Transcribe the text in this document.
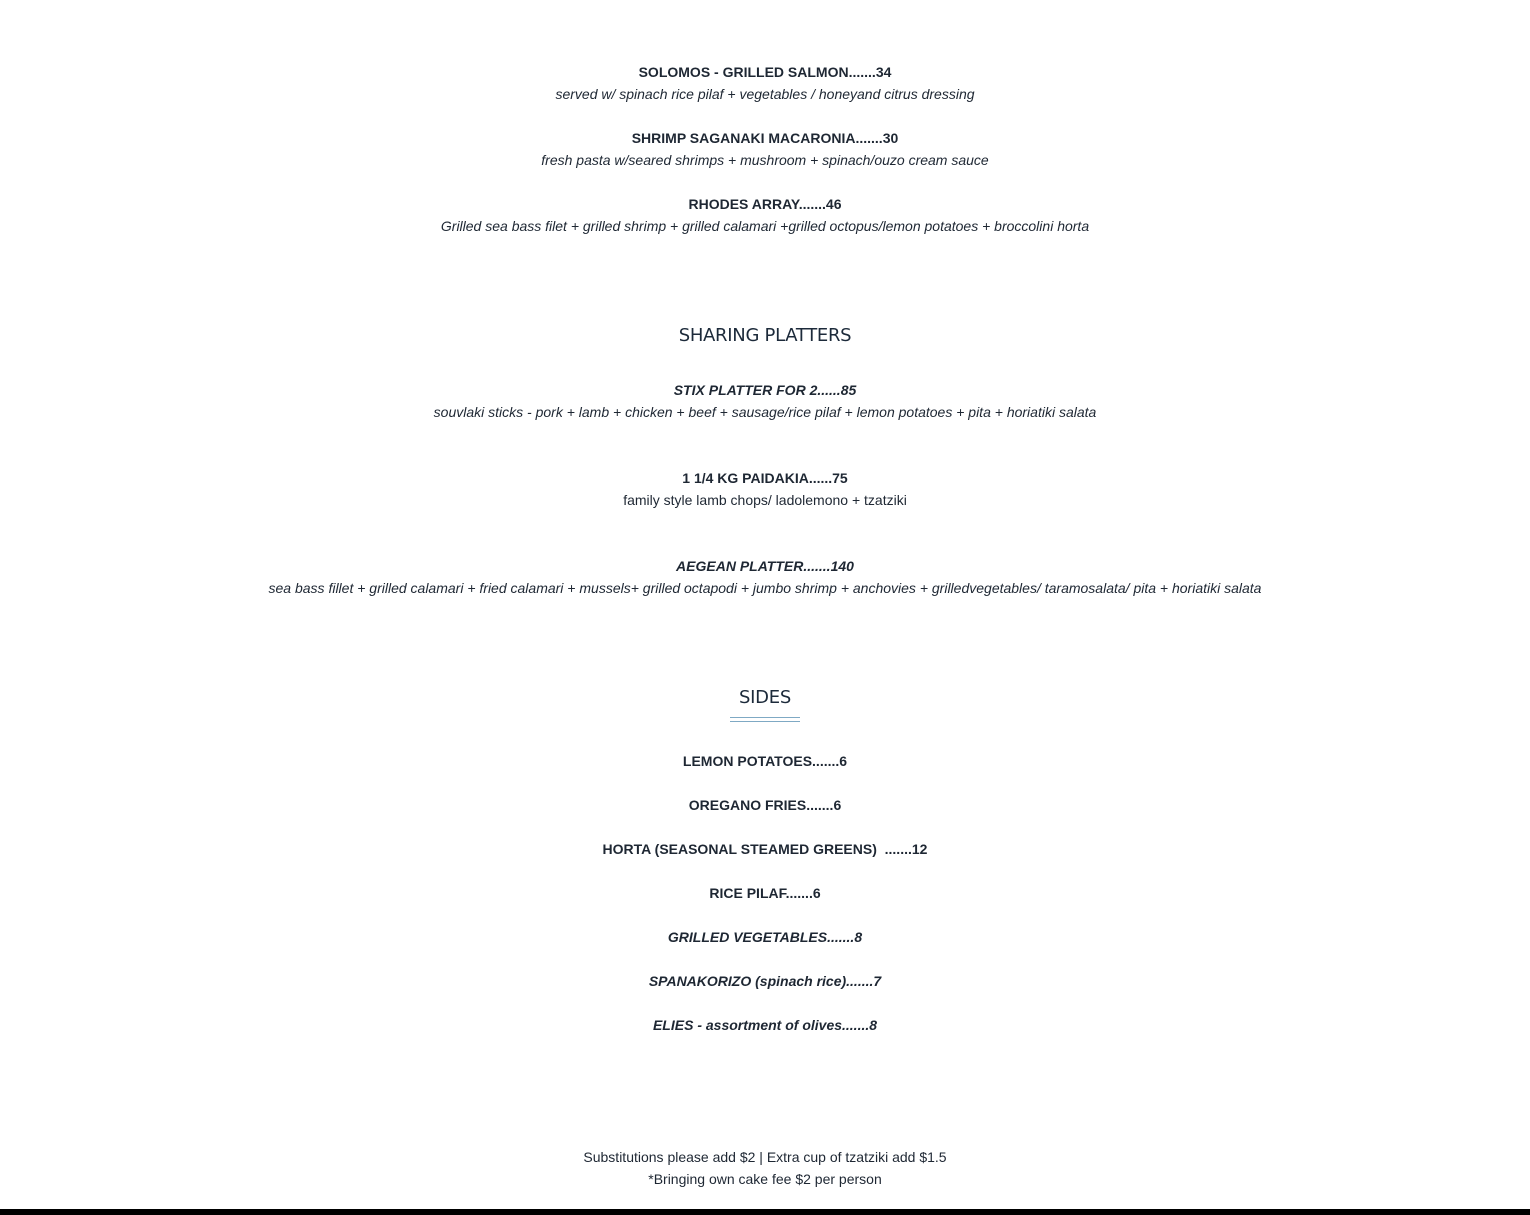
SOLOMOS - GRILLED SALMON.......34
served w/ spinach rice pilaf + vegetables / honeyand citrus dressing
SHRIMP SAGANAKI MACARONIA.......30
fresh pasta w/seared shrimps + mushroom + spinach/ouzo cream sauce
RHODES ARRAY.......46
Grilled sea bass filet + grilled shrimp + grilled calamari +grilled octopus/lemon potatoes + broccolini horta
SHARING PLATTERS
STIX PLATTER FOR 2......85
souvlaki sticks - pork + lamb + chicken + beef + sausage/rice pilaf + lemon potatoes + pita + horiatiki salata
1 1/4 KG PAIDAKIA......75
family style lamb chops/ ladolemono + tzatziki
AEGEAN PLATTER.......140
sea bass fillet + grilled calamari + fried calamari + mussels+ grilled octapodi + jumbo shrimp + anchovies + grilledvegetables/ taramosalata/ pita + horiatiki salata
SIDES
LEMON POTATOES.......6
OREGANO FRIES.......6
HORTA (SEASONAL STEAMED GREENS)  .......12
RICE PILAF.......6
GRILLED VEGETABLES.......8
SPANAKORIZO (spinach rice).......7
ELIES - assortment of olives.......8
Substitutions please add $2 | Extra cup of tzatziki add $1.5
*Bringing own cake fee $2 per person
